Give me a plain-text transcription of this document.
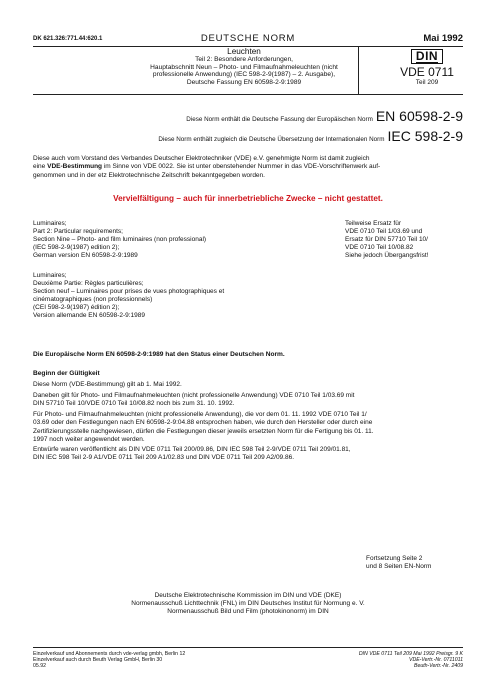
DK 621.326:771.44:620.1	DEUTSCHE NORM	Mai 1992
Leuchten
Teil 2: Besondere Anforderungen,
Hauptabschnitt Neun – Photo- und Filmaufnahmeleuchten (nicht
professionelle Anwendung) (IEC 598-2-9(1987) – 2. Ausgabe),
Deutsche Fassung EN 60598-2-9:1989
DIN
VDE 0711
Teil 209
Diese Norm enthält die Deutsche Fassung der Europäischen Norm EN 60598-2-9
Diese Norm enthält zugleich die Deutsche Übersetzung der Internationalen Norm IEC 598-2-9
Diese auch vom Vorstand des Verbandes Deutscher Elektrotechniker (VDE) e.V. genehmigte Norm ist damit zugleich
eine VDE-Bestimmung im Sinne von VDE 0022. Sie ist unter obenstehender Nummer in das VDE-Vorschriftenwerk auf-
genommen und in der etz Elektrotechnische Zeitschrift bekanntgegeben worden.
Vervielfältigung – auch für innerbetriebliche Zwecke – nicht gestattet.
Luminaires;
Part 2: Particular requirements;
Section Nine – Photo- and film luminaires (non professional)
(IEC 598-2-9(1987) edition 2);
German version EN 60598-2-9:1989
Teilweise Ersatz für
VDE 0710 Teil 1/03.69 und
Ersatz für DIN 57710 Teil 10/
VDE 0710 Teil 10/08.82
Siehe jedoch Übergangsfrist!
Luminaires;
Deuxième Partie: Règles particulières;
Section neuf – Luminaires pour prises de vues photographiques et
cinématographiques (non professionnels)
(CEI 598-2-9(1987) édition 2);
Version allemande EN 60598-2-9:1989
Die Europäische Norm EN 60598-2-9:1989 hat den Status einer Deutschen Norm.
Beginn der Gültigkeit
Diese Norm (VDE-Bestimmung) gilt ab 1. Mai 1992.
Daneben gilt für Photo- und Filmaufnahmeleuchten (nicht professionelle Anwendung) VDE 0710 Teil 1/03.69 mit
DIN 57710 Teil 10/VDE 0710 Teil 10/08.82 noch bis zum 31. 10. 1992.
Für Photo- und Filmaufnahmeleuchten (nicht professionelle Anwendung), die vor dem 01. 11. 1992 VDE 0710 Teil 1/
03.69 oder den Festlegungen nach EN 60598-2-9:04.88 entsprochen haben, wie durch den Hersteller oder durch eine
Zertifizierungsstelle nachgewiesen, dürfen die Festlegungen dieser jeweils ersetzten Norm für die Fertigung bis 01. 11.
1997 noch weiter angewendet werden.
Entwürfe waren veröffentlicht als DIN VDE 0711 Teil 200/09.86, DIN IEC 598 Teil 2-9/VDE 0711 Teil 209/01.81,
DIN IEC 598 Teil 2-9 A1/VDE 0711 Teil 209 A1/02.83 und DIN VDE 0711 Teil 209 A2/09.86.
Fortsetzung Seite 2
und 8 Seiten EN-Norm
Deutsche Elektrotechnische Kommission im DIN und VDE (DKE)
Normenausschuß Lichttechnik (FNL) im DIN Deutsches Institut für Normung e. V.
Normenausschuß Bild und Film (photokinonorm) im DIN
Einzelverkauf und Abonnements durch vde-verlag gmbh, Berlin 12
Einzelverkauf auch durch Beuth Verlag GmbH, Berlin 30
05.92
DIN VDE 0711 Teil 209 Mai 1992 Preisgr. 9 K
VDE-Vertr.-Nr. 0711011
Beuth-Vertr.-Nr. 2409
